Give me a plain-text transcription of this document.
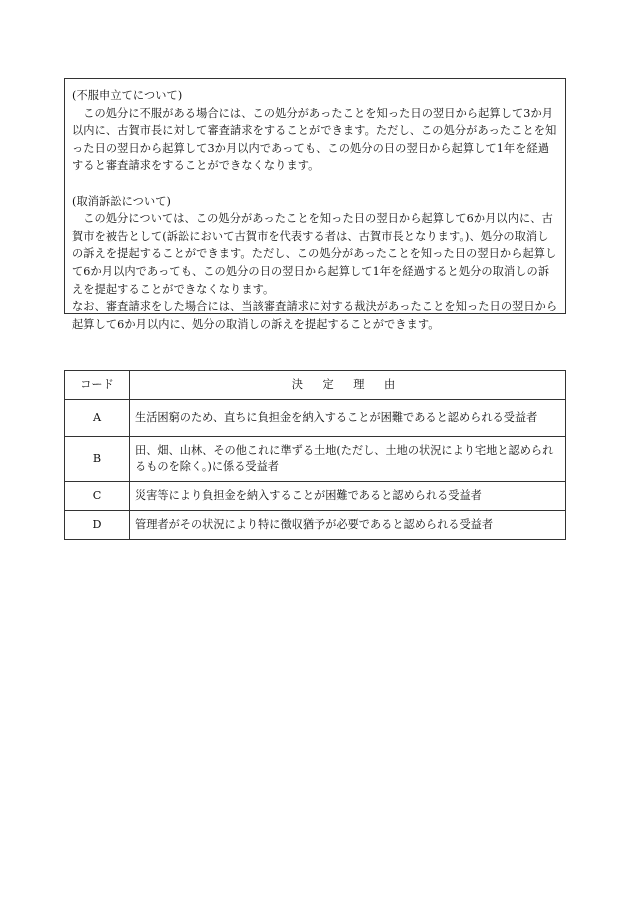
(不服申立てについて)

この処分に不服がある場合には、この処分があったことを知った日の翌日から起算して3か月以内に、古賀市長に対して審査請求をすることができます。ただし、この処分があったことを知った日の翌日から起算して3か月以内であっても、この処分の日の翌日から起算して1年を経過すると審査請求をすることができなくなります。

(取消訴訟について)

この処分については、この処分があったことを知った日の翌日から起算して6か月以内に、古賀市を被告として(訴訟において古賀市を代表する者は、古賀市長となります。)、処分の取消しの訴えを提起することができます。ただし、この処分があったことを知った日の翌日から起算して6か月以内であっても、この処分の日の翌日から起算して1年を経過すると処分の取消しの訴えを提起することができなくなります。

なお、審査請求をした場合には、当該審査請求に対する裁決があったことを知った日の翌日から起算して6か月以内に、処分の取消しの訴えを提起することができます。

コード	決 定 理 由
A	生活困窮のため、直ちに負担金を納入することが困難であると認められる受益者
B	田、畑、山林、その他これに準ずる土地(ただし、土地の状況により宅地と認められるものを除く。)に係る受益者
C	災害等により負担金を納入することが困難であると認められる受益者
D	管理者がその状況により特に徴収猶予が必要であると認められる受益者
